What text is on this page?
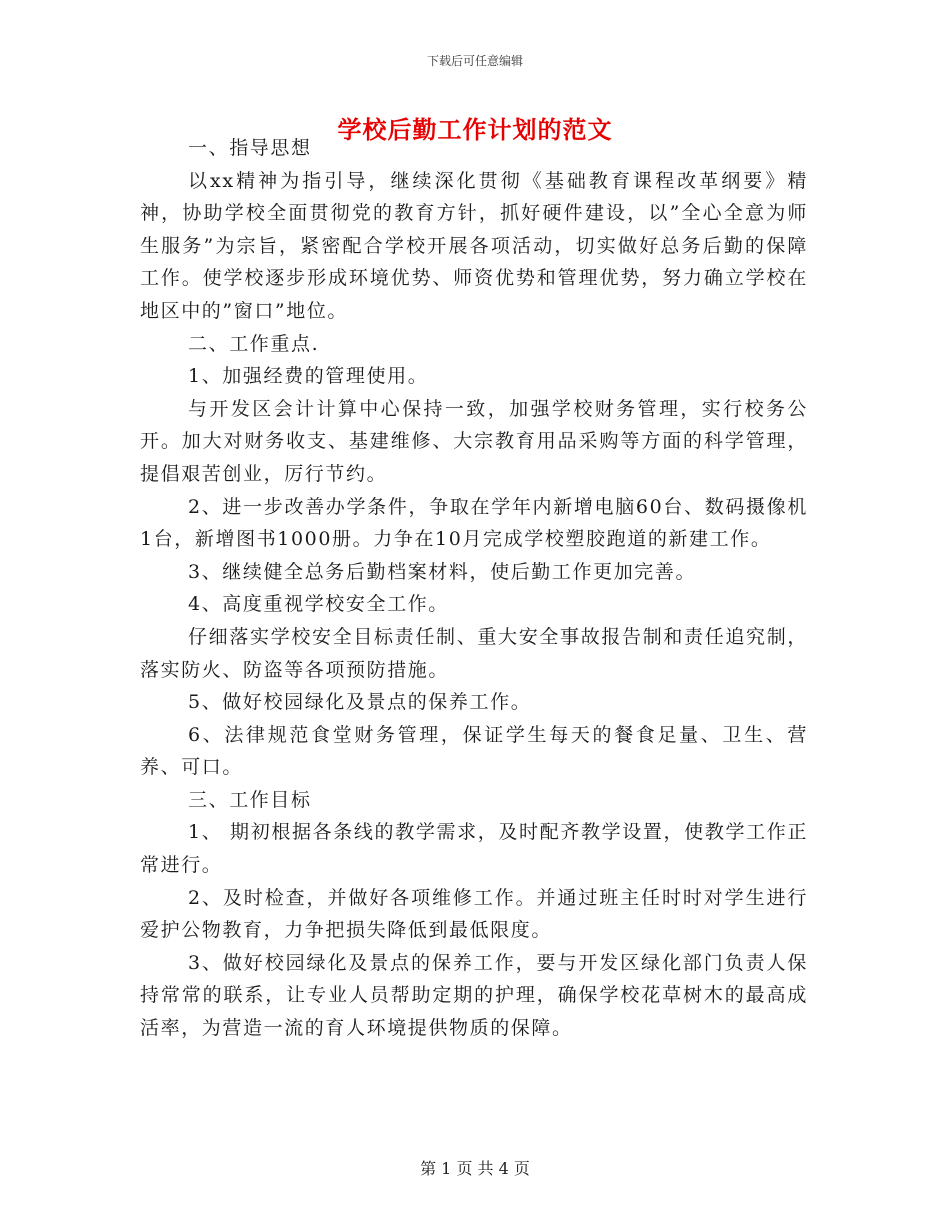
下载后可任意编辑
学校后勤工作计划的范文

一、指导思想

以xx精神为指引导，继续深化贯彻《基础教育课程改革纲要》精神，协助学校全面贯彻党的教育方针，抓好硬件建设，以”全心全意为师生服务”为宗旨，紧密配合学校开展各项活动，切实做好总务后勤的保障工作。使学校逐步形成环境优势、师资优势和管理优势，努力确立学校在地区中的”窗口”地位。

二、工作重点.

1、加强经费的管理使用。

与开发区会计计算中心保持一致，加强学校财务管理，实行校务公开。加大对财务收支、基建维修、大宗教育用品采购等方面的科学管理，提倡艰苦创业，厉行节约。

2、进一步改善办学条件，争取在学年内新增电脑60台、数码摄像机1台，新增图书1000册。力争在10月完成学校塑胶跑道的新建工作。

3、继续健全总务后勤档案材料，使后勤工作更加完善。

4、高度重视学校安全工作。

仔细落实学校安全目标责任制、重大安全事故报告制和责任追究制，落实防火、防盗等各项预防措施。

5、做好校园绿化及景点的保养工作。

6、法律规范食堂财务管理，保证学生每天的餐食足量、卫生、营养、可口。

三、工作目标

1、 期初根据各条线的教学需求，及时配齐教学设置，使教学工作正常进行。

2、及时检查，并做好各项维修工作。并通过班主任时时对学生进行爱护公物教育，力争把损失降低到最低限度。

3、做好校园绿化及景点的保养工作，要与开发区绿化部门负责人保持常常的联系，让专业人员帮助定期的护理，确保学校花草树木的最高成活率，为营造一流的育人环境提供物质的保障。

第 1 页 共 4 页
